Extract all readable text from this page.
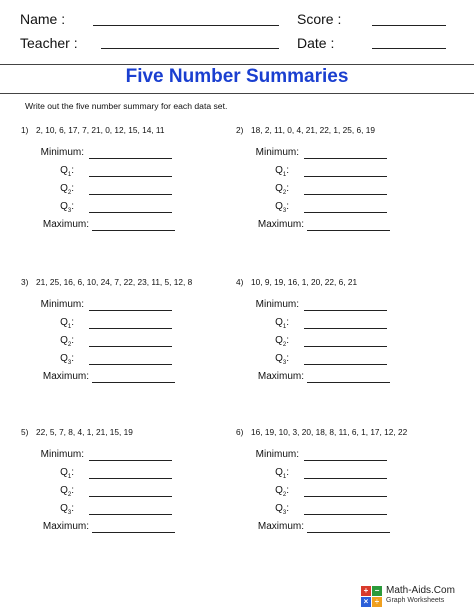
Name :	Score :
Teacher :	Date :
Five Number Summaries
Write out the five number summary for each data set.
1) 2, 10, 6, 17, 7, 21, 0, 12, 15, 14, 11
Minimum:
$Q_1$:
$Q_2$:
$Q_3$:
Maximum:
2) 18, 2, 11, 0, 4, 21, 22, 1, 25, 6, 19
Minimum:
$Q_1$:
$Q_2$:
$Q_3$:
Maximum:
3) 21, 25, 16, 6, 10, 24, 7, 22, 23, 11, 5, 12, 8
Minimum:
$Q_1$:
$Q_2$:
$Q_3$:
Maximum:
4) 10, 9, 19, 16, 1, 20, 22, 6, 21
Minimum:
$Q_1$:
$Q_2$:
$Q_3$:
Maximum:
5) 22, 5, 7, 8, 4, 1, 21, 15, 19
Minimum:
$Q_1$:
$Q_2$:
$Q_3$:
Maximum:
6) 16, 19, 10, 3, 20, 18, 8, 11, 6, 1, 17, 12, 22
Minimum:
$Q_1$:
$Q_2$:
$Q_3$:
Maximum:
+ −
× ÷
Math-Aids.Com
Graph Worksheets
